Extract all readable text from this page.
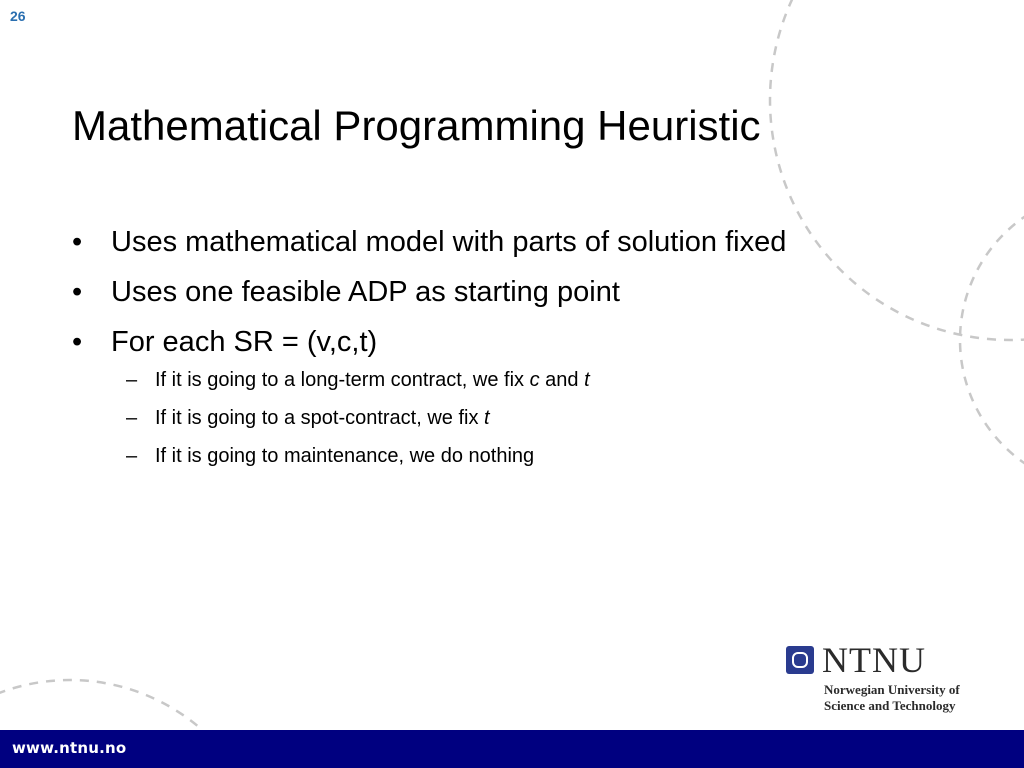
26
Mathematical Programming Heuristic
• Uses mathematical model with parts of solution fixed
• Uses one feasible ADP as starting point
• For each SR = (v,c,t)
– If it is going to a long-term contract, we fix c and t
– If it is going to a spot-contract, we fix t
– If it is going to maintenance, we do nothing
NTNU
Norwegian University of
Science and Technology
www.ntnu.no
